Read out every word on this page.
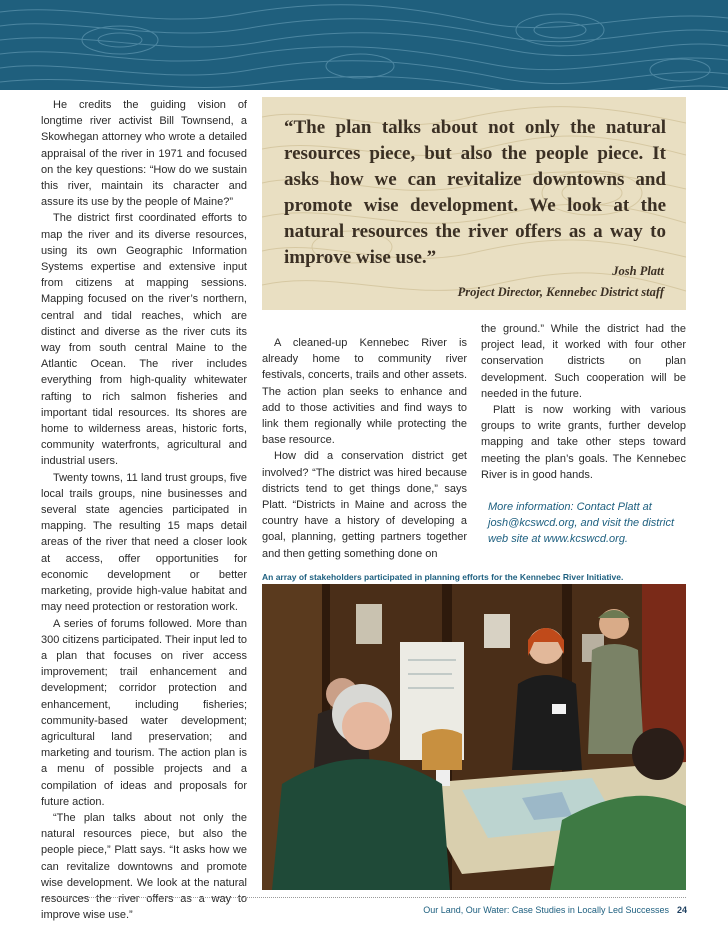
He credits the guiding vision of longtime river activist Bill Townsend, a Skowhegan attorney who wrote a detailed appraisal of the river in 1971 and focused on the key questions: “How do we sustain this river, maintain its character and assure its use by the people of Maine?”

The district first coordinated efforts to map the river and its diverse resources, using its own Geographic Information Systems expertise and extensive input from citizens at mapping sessions. Mapping focused on the river’s northern, central and tidal reaches, which are distinct and diverse as the river cuts its way from south central Maine to the Atlantic Ocean. The river includes everything from high-quality whitewater rafting to rich salmon fisheries and important tidal resources. Its shores are home to wilderness areas, historic forts, community waterfronts, agricultural and industrial users.

Twenty towns, 11 land trust groups, five local trails groups, nine businesses and several state agencies participated in mapping. The resulting 15 maps detail areas of the river that need a closer look at access, offer opportunities for economic development or better marketing, provide high-value habitat and may need protection or restoration work.

A series of forums followed. More than 300 citizens participated. Their input led to a plan that focuses on river access improvement; trail enhancement and development; corridor protection and enhancement, including fisheries; community-based water development; agricultural land preservation; and marketing and tourism. The action plan is a menu of possible projects and a compilation of ideas and proposals for future action.

“The plan talks about not only the natural resources piece, but also the people piece,” Platt says. “It asks how we can revitalize downtowns and promote wise development. We look at the natural resources the river offers as a way to improve wise use.”

“The plan talks about not only the natural resources piece, but also the people piece. It asks how we can revitalize downtowns and promote wise development. We look at the natural resources the river offers as a way to improve wise use.”
Josh Platt
Project Director, Kennebec District staff

A cleaned-up Kennebec River is already home to community river festivals, concerts, trails and other assets. The action plan seeks to enhance and add to those activities and find ways to link them regionally while protecting the base resource.

How did a conservation district get involved? “The district was hired because districts tend to get things done,” says Platt. “Districts in Maine and across the country have a history of developing a goal, planning, getting partners together and then getting something done on

the ground.” While the district had the project lead, it worked with four other conservation districts on plan development. Such cooperation will be needed in the future.

Platt is now working with various groups to write grants, further develop mapping and take other steps toward meeting the plan’s goals. The Kennebec River is in good hands.

More information: Contact Platt at josh@kcswcd.org, and visit the district web site at www.kcswcd.org.

An array of stakeholders participated in planning efforts for the Kennebec River Initiative.
Our Land, Our Water: Case Studies in Locally Led Successes 24
